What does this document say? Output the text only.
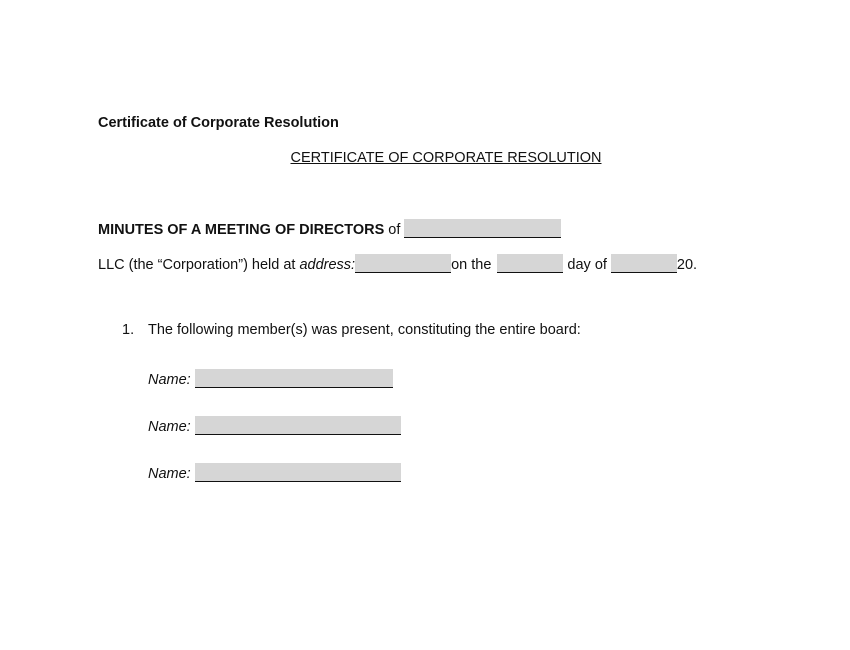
Certificate of Corporate Resolution
CERTIFICATE OF CORPORATE RESOLUTION
MINUTES OF A MEETING OF DIRECTORS of
LLC (the “Corporation”) held at address:	on the	day of	20.
1. The following member(s) was present, constituting the entire board:
Name:
Name:
Name:
